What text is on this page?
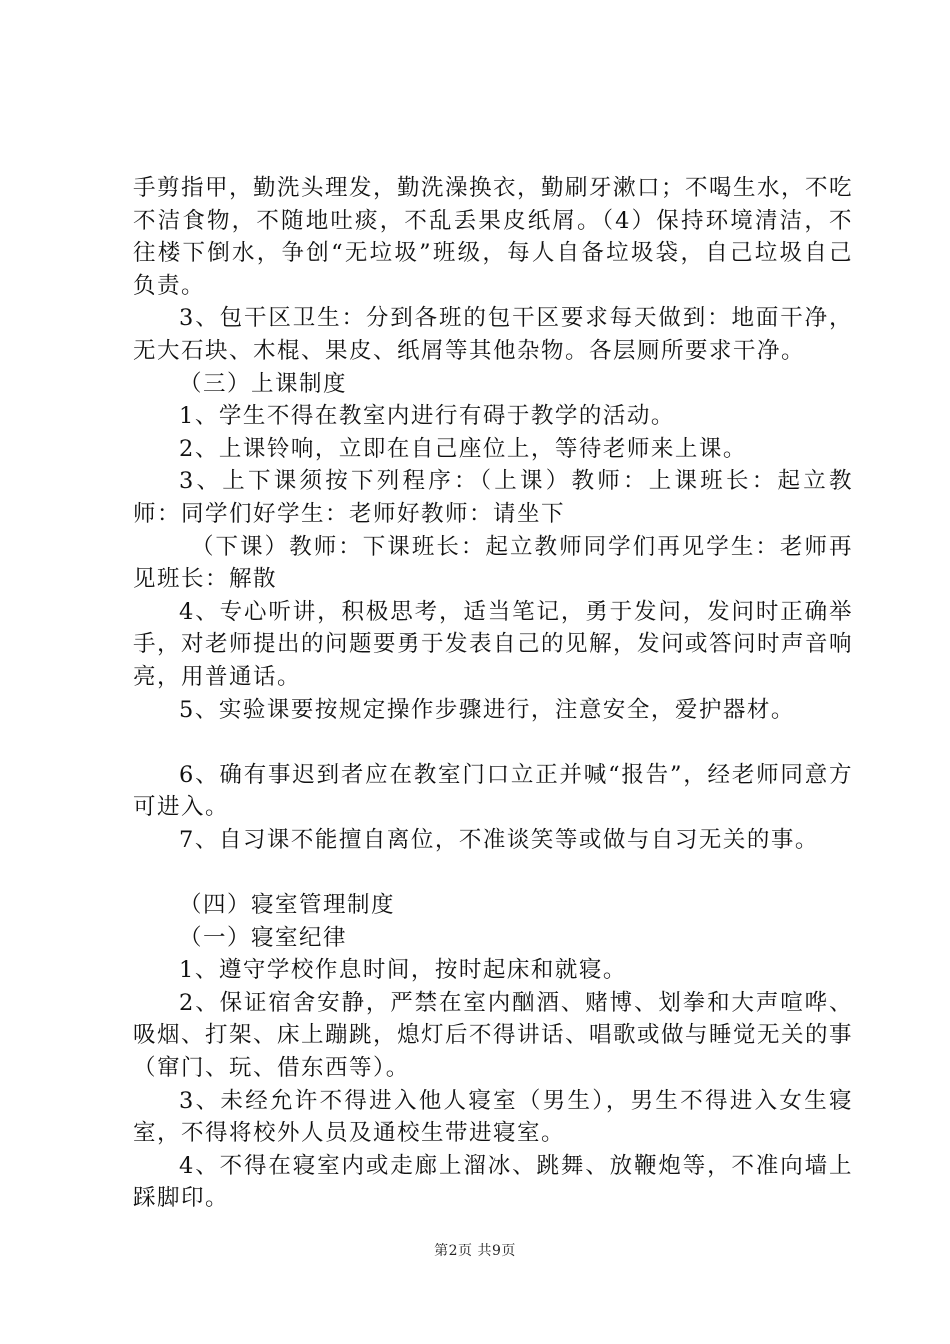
手剪指甲，勤洗头理发，勤洗澡换衣，勤刷牙漱口；不喝生水，不吃不洁食物，不随地吐痰，不乱丢果皮纸屑。（4）保持环境清洁，不往楼下倒水，争创“无垃圾”班级，每人自备垃圾袋，自己垃圾自己负责。

3、包干区卫生：分到各班的包干区要求每天做到：地面干净，无大石块、木棍、果皮、纸屑等其他杂物。各层厕所要求干净。

（三）上课制度

1、学生不得在教室内进行有碍于教学的活动。

2、上课铃响，立即在自己座位上，等待老师来上课。

3、上下课须按下列程序：（上课）教师：上课班长：起立教师：同学们好学生：老师好教师：请坐下

（下课）教师：下课班长：起立教师同学们再见学生：老师再见班长：解散

4、专心听讲，积极思考，适当笔记，勇于发问，发问时正确举手，对老师提出的问题要勇于发表自己的见解，发问或答问时声音响亮，用普通话。

5、实验课要按规定操作步骤进行，注意安全，爱护器材。

6、确有事迟到者应在教室门口立正并喊“报告”，经老师同意方可进入。

7、自习课不能擅自离位，不准谈笑等或做与自习无关的事。

（四）寝室管理制度

（一）寝室纪律

1、遵守学校作息时间，按时起床和就寝。

2、保证宿舍安静，严禁在室内酗酒、赌博、划拳和大声喧哗、吸烟、打架、床上蹦跳，熄灯后不得讲话、唱歌或做与睡觉无关的事（窜门、玩、借东西等）。

3、未经允许不得进入他人寝室（男生），男生不得进入女生寝室，不得将校外人员及通校生带进寝室。

4、不得在寝室内或走廊上溜冰、跳舞、放鞭炮等，不准向墙上踩脚印。

第2页 共9页
